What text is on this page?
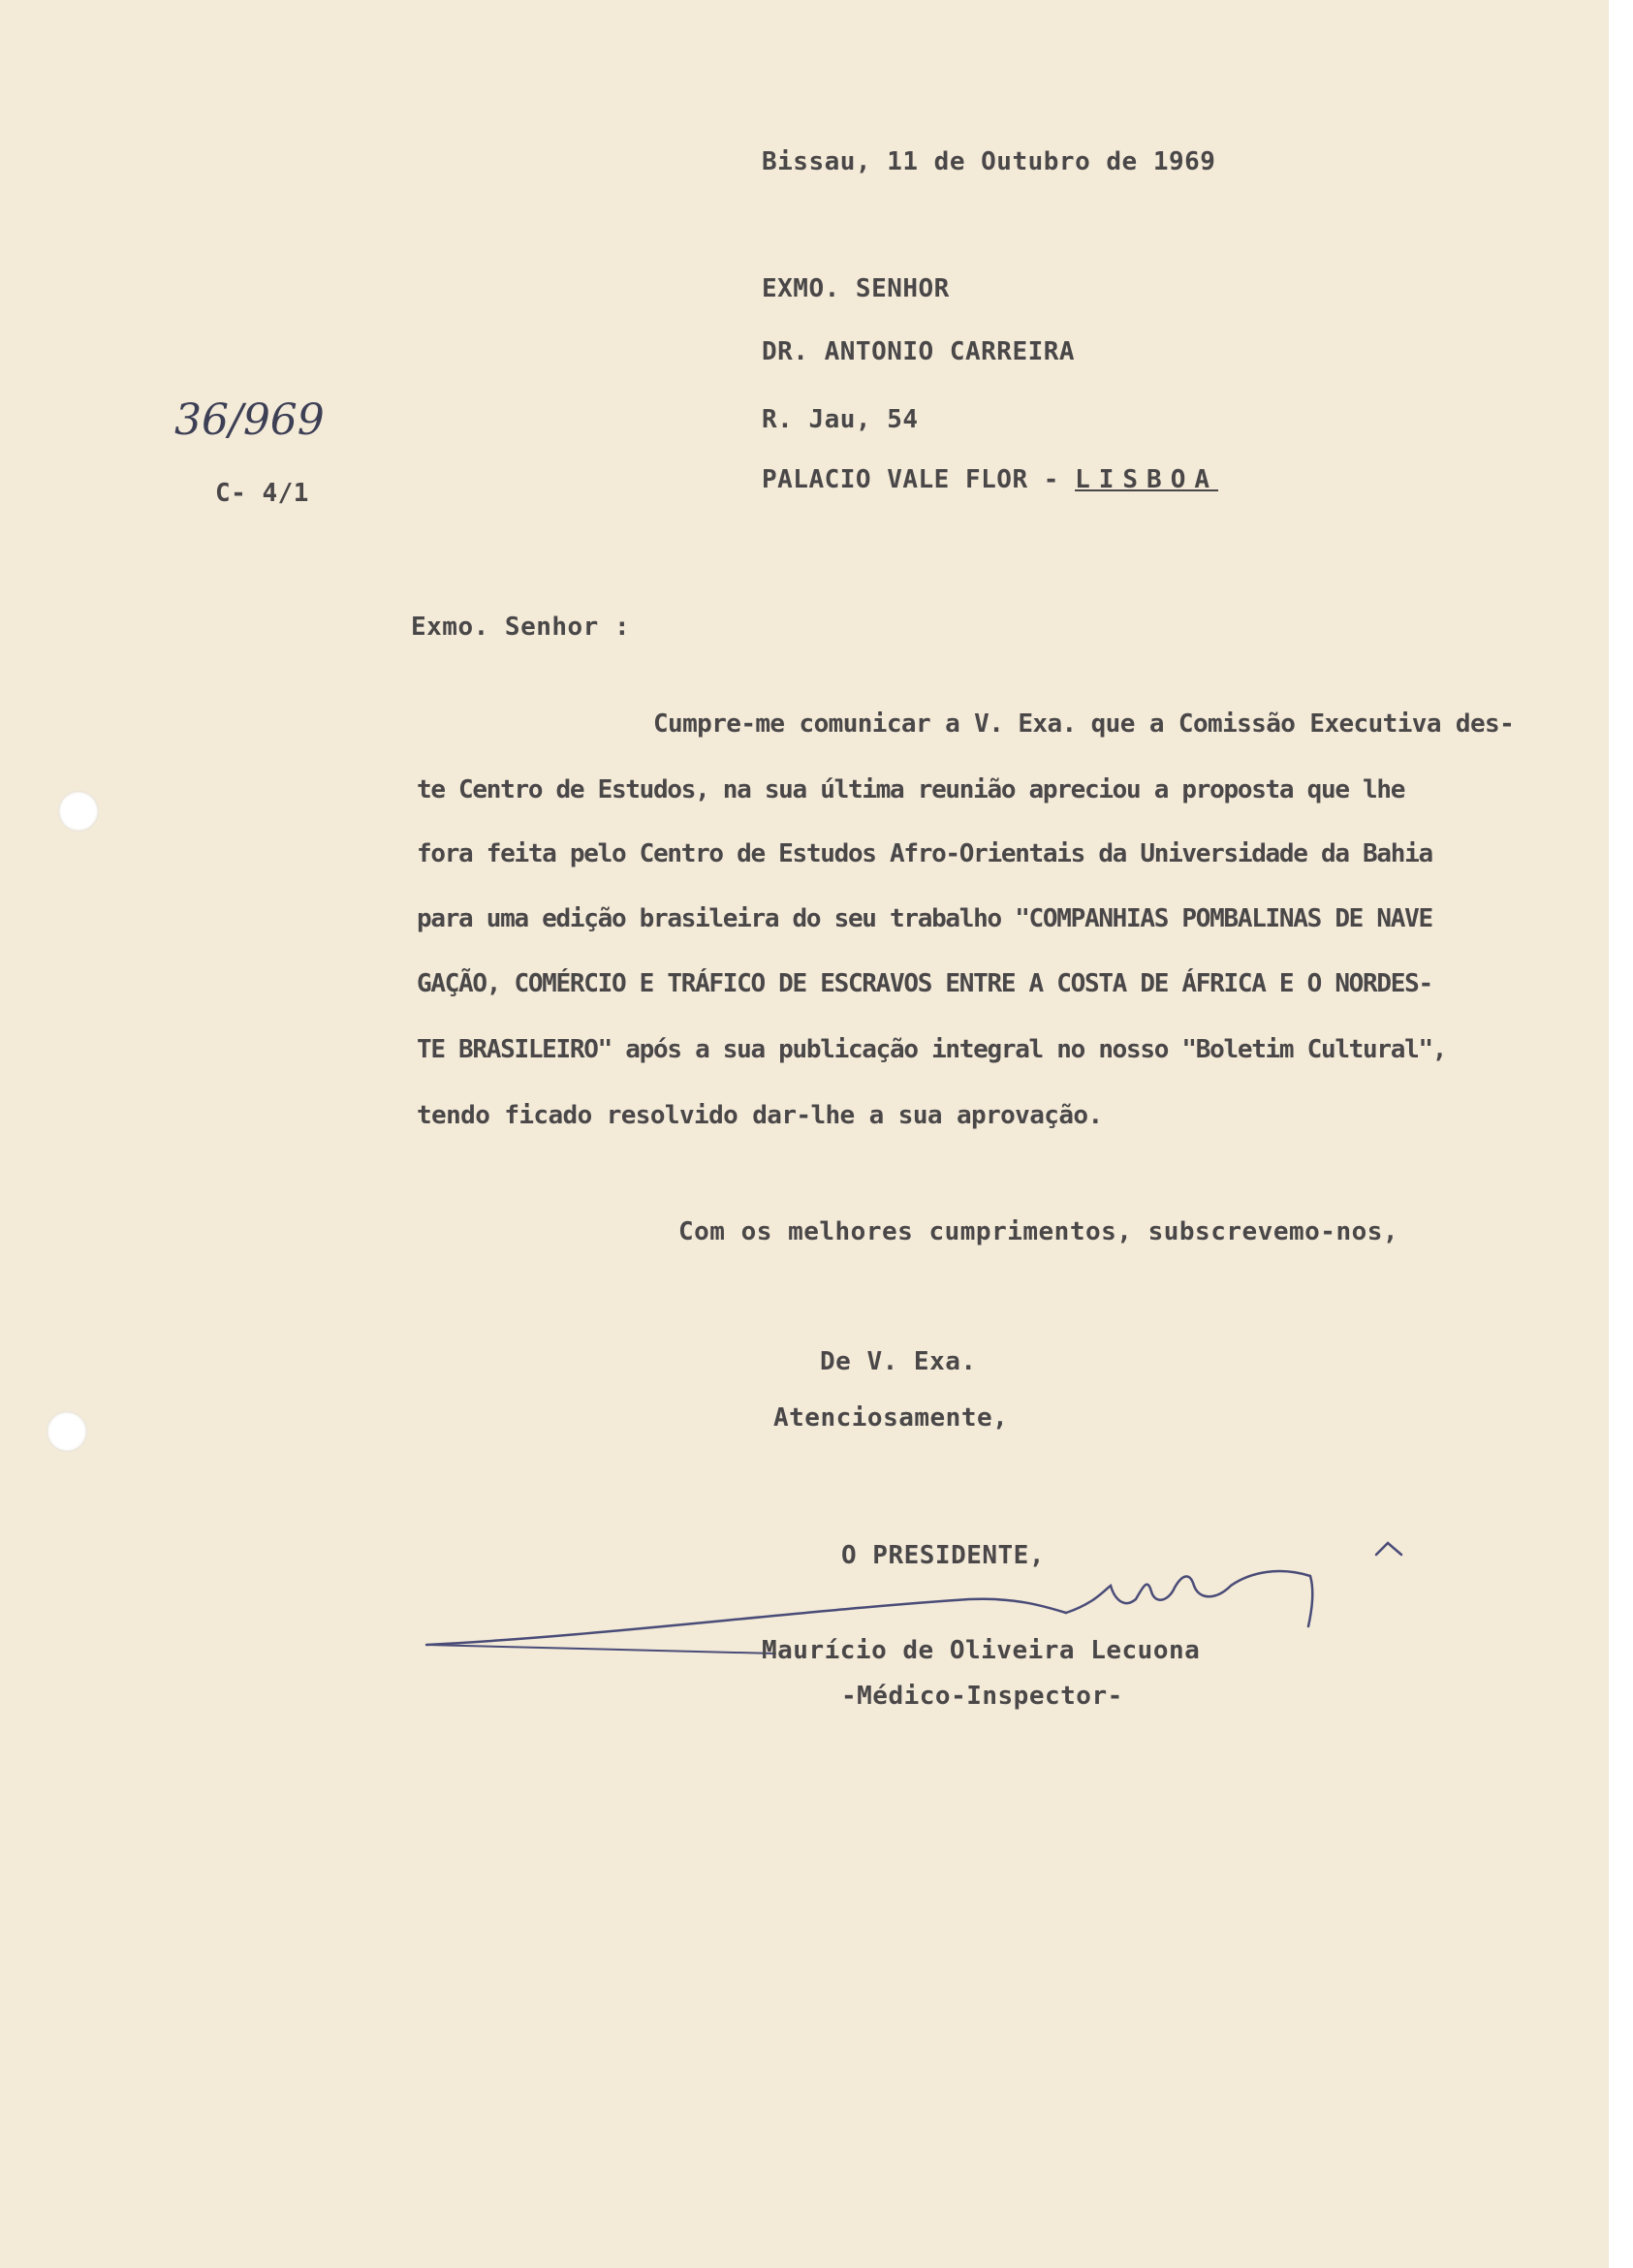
Bissau, 11 de Outubro de 1969

EXMO. SENHOR

DR. ANTONIO CARREIRA

R. Jau, 54

PALACIO VALE FLOR - LISBOA

36/969

C- 4/1

Exmo. Senhor :

Cumpre-me comunicar a V. Exa. que a Comissão Executiva des-

te Centro de Estudos, na sua última reunião apreciou a proposta que lhe

fora feita pelo Centro de Estudos Afro-Orientais da Universidade da Bahia

para uma edição brasileira do seu trabalho "COMPANHIAS POMBALINAS DE NAVE

GAÇÃO, COMÉRCIO E TRÁFICO DE ESCRAVOS ENTRE A COSTA DE ÁFRICA E O NORDES-

TE BRASILEIRO" após a sua publicação integral no nosso "Boletim Cultural",

tendo ficado resolvido dar-lhe a sua aprovação.

Com os melhores cumprimentos, subscrevemo-nos,

De V. Exa.

Atenciosamente,

O PRESIDENTE,

Maurício de Oliveira Lecuona

-Médico-Inspector-
